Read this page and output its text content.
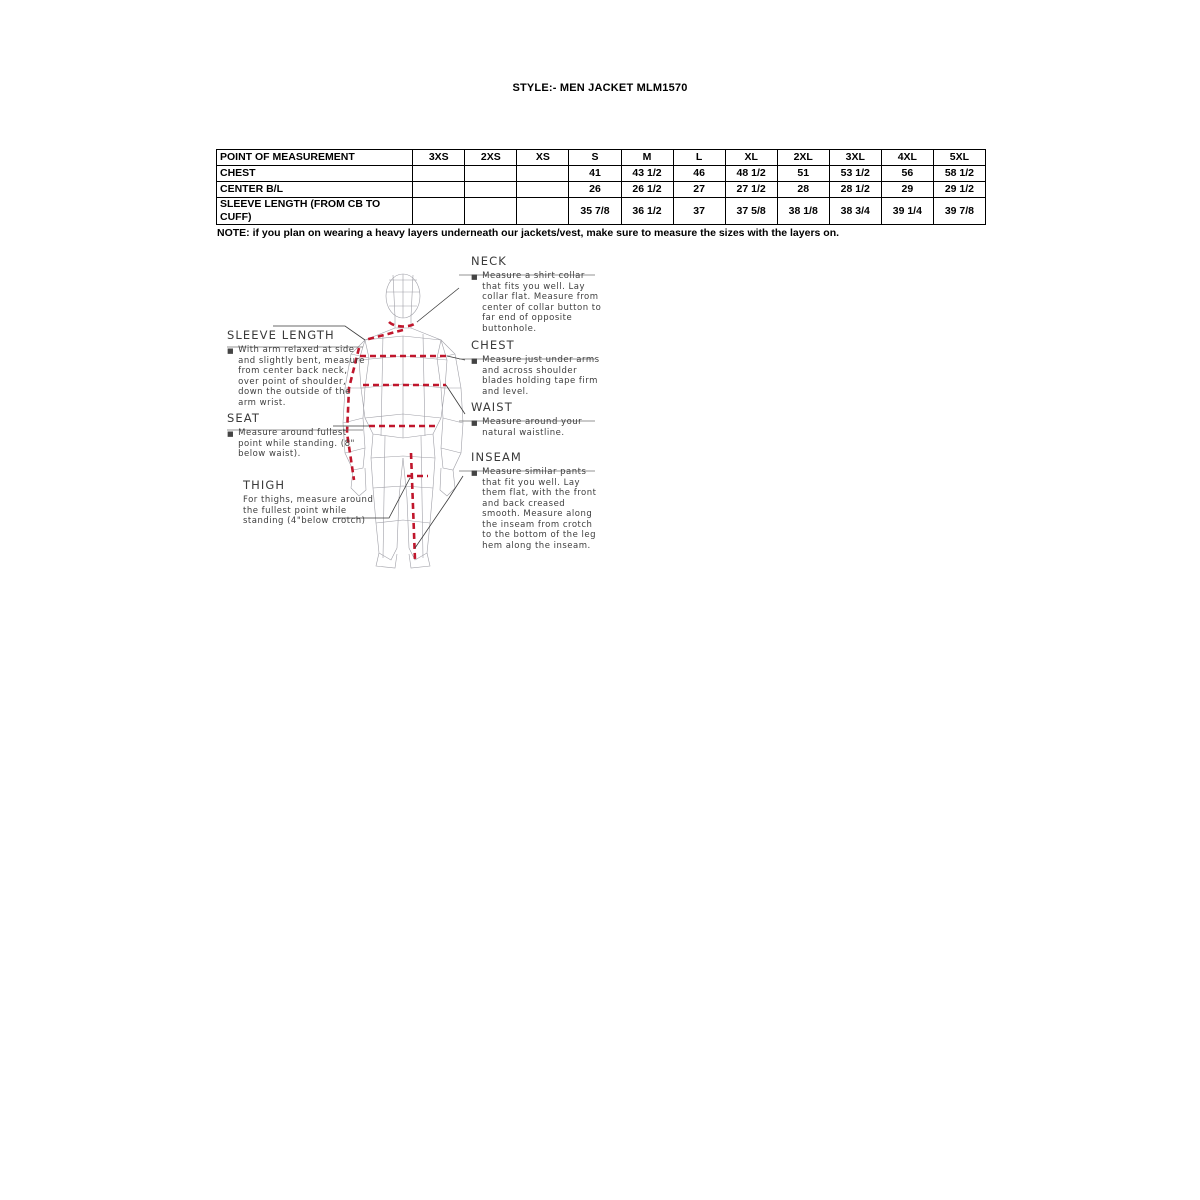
STYLE:- MEN JACKET MLM1570
POINT OF MEASUREMENT	3XS	2XS	XS	S	M	L	XL	2XL	3XL	4XL	5XL
CHEST				41	43 1/2	46	48 1/2	51	53 1/2	56	58 1/2
CENTER B/L				26	26 1/2	27	27 1/2	28	28 1/2	29	29 1/2
SLEEVE LENGTH (FROM CB TO CUFF)				35 7/8	36 1/2	37	37 5/8	38 1/8	38 3/4	39 1/4	39 7/8
NOTE: if you plan on wearing a heavy layers underneath our jackets/vest, make sure to measure the sizes with the layers on.
NECK
■ Measure a shirt collar that fits you well. Lay collar flat. Measure from center of collar button to far end of opposite buttonhole.
CHEST
■ Measure just under arms and across shoulder blades holding tape firm and level.
WAIST
■ Measure around your natural waistline.
INSEAM
■ Measure similar pants that fit you well. Lay them flat, with the front and back creased smooth. Measure along the inseam from crotch to the bottom of the leg hem along the inseam.
SLEEVE LENGTH
■ With arm relaxed at side and slightly bent, measure from center back neck, over point of shoulder, down the outside of the arm wrist.
SEAT
■ Measure around fullest point while standing. (8" below waist).
THIGH
For thighs, measure around the fullest point while standing (4"below crotch)
